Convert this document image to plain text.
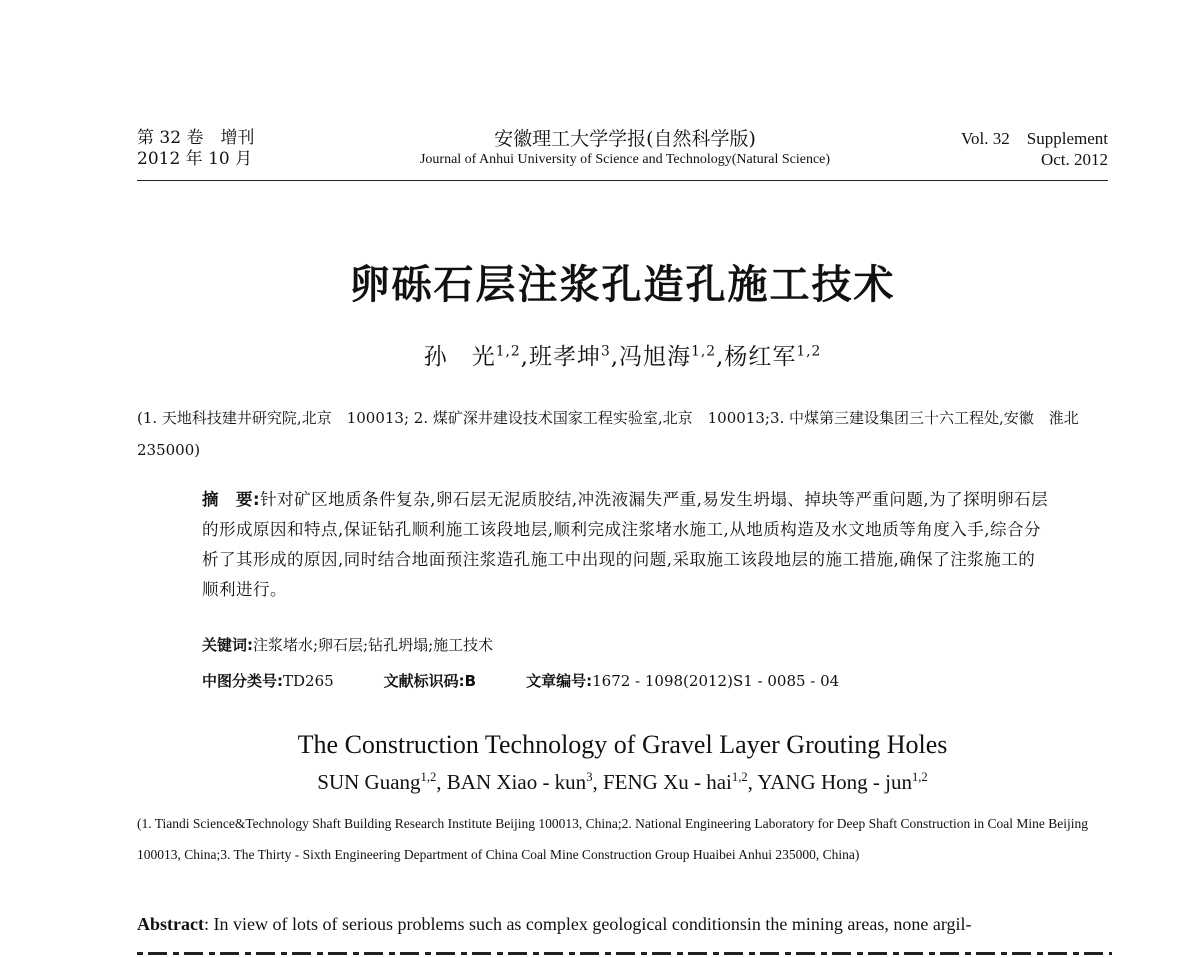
第 32 卷　增刊
2012 年 10 月
安徽理工大学学报(自然科学版)
Journal of Anhui University of Science and Technology(Natural Science)
Vol. 32　Supplement
Oct. 2012
卵砾石层注浆孔造孔施工技术
孙　光$^{1,2}$,班孝坤$^3$,冯旭海$^{1,2}$,杨红军$^{1,2}$
(1. 天地科技建井研究院,北京　100013; 2. 煤矿深井建设技术国家工程实验室,北京　100013;3. 中煤第三建设集团三十六工程处,安徽　淮北　235000)
摘　要:针对矿区地质条件复杂,卵石层无泥质胶结,冲洗液漏失严重,易发生坍塌、掉块等严重问题,为了探明卵石层的形成原因和特点,保证钻孔顺利施工该段地层,顺利完成注浆堵水施工,从地质构造及水文地质等角度入手,综合分析了其形成的原因,同时结合地面预注浆造孔施工中出现的问题,采取施工该段地层的施工措施,确保了注浆施工的顺利进行。
关键词:注浆堵水;卵石层;钻孔坍塌;施工技术
中图分类号:TD265	文献标识码:B	文章编号:1672 - 1098(2012)S1 - 0085 - 04
The Construction Technology of Gravel Layer Grouting Holes
SUN Guang$^{1,2}$, BAN Xiao - kun$^3$, FENG Xu - hai$^{1,2}$, YANG Hong - jun$^{1,2}$
(1. Tiandi Science&Technology Shaft Building Research Institute Beijing 100013, China;2. National Engineering Laboratory for Deep Shaft Construction in Coal Mine Beijing 100013, China;3. The Thirty - Sixth Engineering Department of China Coal Mine Construction Group Huaibei Anhui 235000, China)
Abstract: In view of lots of serious problems such as complex geological conditionsin the mining areas, none argil-
